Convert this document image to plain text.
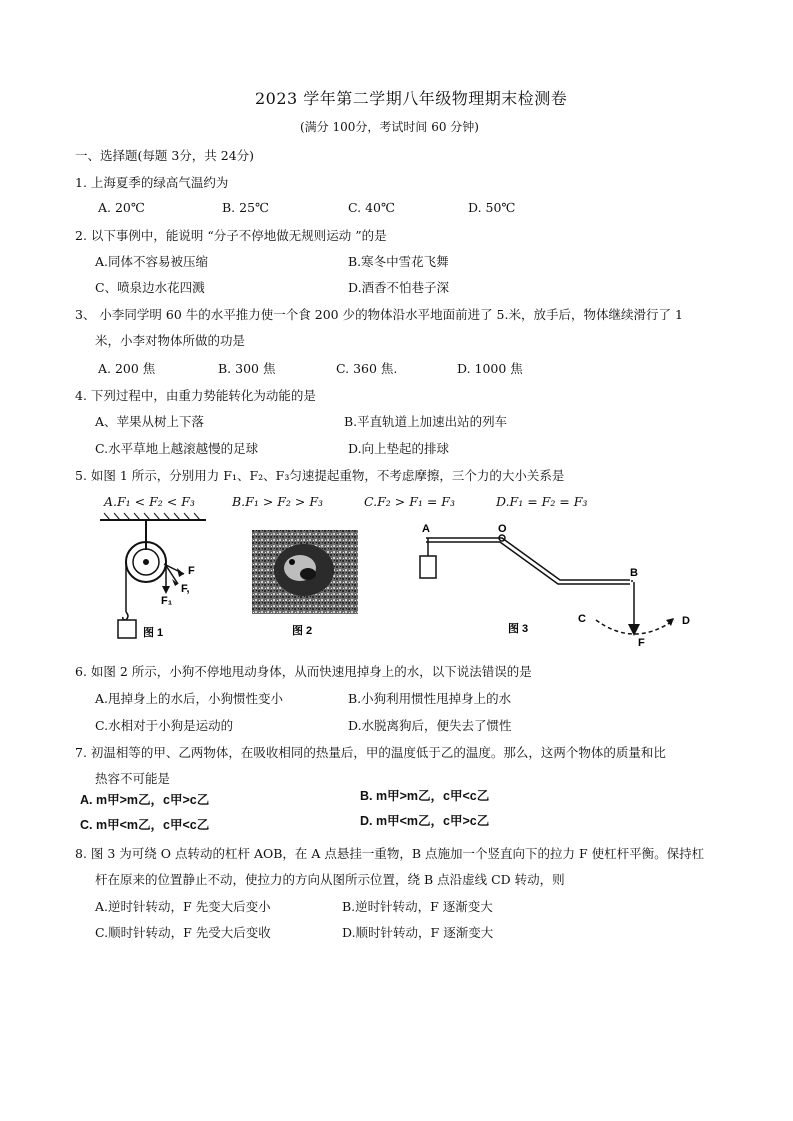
2023 学年第二学期八年级物理期末检测卷
(满分 100分，考试时间 60 分钟)
一、选择题(每题 3分，共 24分)
1. 上海夏季的绿高气温约为
A. 20℃	B. 25℃	C. 40℃	D. 50℃
2. 以下事例中，能说明 “分子不停地做无规则运动 ”的是
A.同体不容易被压缩	B.寒冬中雪花飞舞
C、喷泉边水花四溅	D.酒香不怕巷子深
3、 小李同学明 60 牛的水平推力使一个食 200 少的物体沿水平地面前进了 5.米，放手后，物体继续滑行了 1
米，小李对物体所做的功是
A. 200 焦	B. 300 焦	C. 360 焦.	D. 1000 焦
4. 下列过程中，由重力势能转化为动能的是
A、苹果从树上下落	B.平直轨道上加速出站的列车
C.水平草地上越滚越慢的足球	D.向上垫起的排球
5. 如图 1 所示，分别用力 F₁、F₂、F₃匀速提起重物，不考虑摩擦，三个力的大小关系是
A.F₁ < F₂ < F₃	B.F₁ > F₂ > F₃	C.F₂ > F₁ = F₃	D.F₁ = F₂ = F₃
F
F,
F₁
图 1	图 2
A	O
B
C	D
F
图 3
6. 如图 2 所示，小狗不停地甩动身体，从而快速甩掉身上的水，以下说法错误的是
A.甩掉身上的水后，小狗惯性变小	B.小狗利用惯性甩掉身上的水
C.水相对于小狗是运动的	D.水脱离狗后，便失去了惯性
7. 初温相等的甲、乙两物体，在吸收相同的热量后，甲的温度低于乙的温度。那么，这两个物体的质量和比
热容不可能是
A. m甲>m乙，c甲>c乙	B. m甲>m乙，c甲<c乙
C. m甲<m乙，c甲<c乙	D. m甲<m乙，c甲>c乙
8. 图 3 为可绕 O 点转动的杠杆 AOB，在 A 点悬挂一重物，B 点施加一个竖直向下的拉力 F 使杠杆平衡。保持杠
杆在原来的位置静止不动，使拉力的方向从图所示位置，绕 B 点沿虚线 CD 转动，则
A.逆时针转动，F 先变大后变小	B.逆时针转动，F 逐渐变大
C.顺时针转动，F 先受大后变收	D.顺时针转动，F 逐渐变大
